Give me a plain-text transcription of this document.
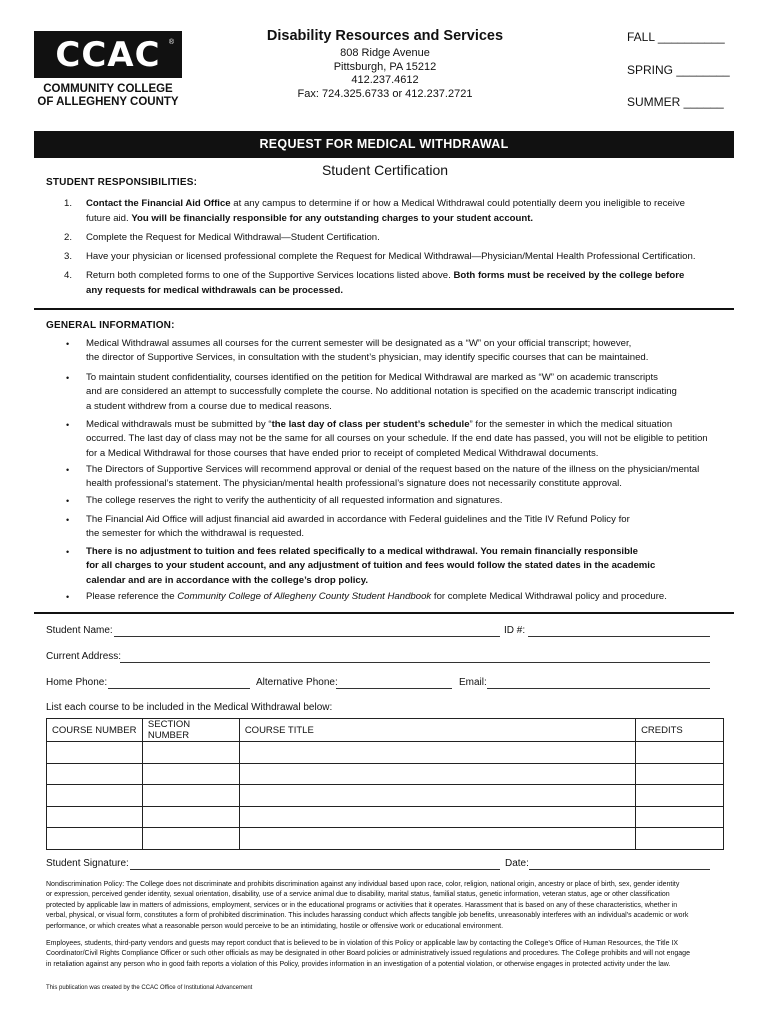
CCAC ®
COMMUNITY COLLEGE
OF ALLEGHENY COUNTY
Disability Resources and Services
808 Ridge Avenue
Pittsburgh, PA 15212
412.237.4612
Fax: 724.325.6733 or 412.237.2721
FALL __________
SPRING ________
SUMMER ______
REQUEST FOR MEDICAL WITHDRAWAL
Student Certification
STUDENT RESPONSIBILITIES:
1. Contact the Financial Aid Office at any campus to determine if or how a Medical Withdrawal could potentially deem you ineligible to receive
future aid. You will be financially responsible for any outstanding charges to your student account.
2. Complete the Request for Medical Withdrawal—Student Certification.
3. Have your physician or licensed professional complete the Request for Medical Withdrawal—Physician/Mental Health Professional Certification.
4. Return both completed forms to one of the Supportive Services locations listed above. Both forms must be received by the college before
any requests for medical withdrawals can be processed.
GENERAL INFORMATION:
• Medical Withdrawal assumes all courses for the current semester will be designated as a “W” on your official transcript; however,
the director of Supportive Services, in consultation with the student’s physician, may identify specific courses that can be maintained.
• To maintain student confidentiality, courses identified on the petition for Medical Withdrawal are marked as “W” on academic transcripts
and are considered an attempt to successfully complete the course. No additional notation is specified on the academic transcript indicating
a student withdrew from a course due to medical reasons.
• Medical withdrawals must be submitted by “the last day of class per student’s schedule” for the semester in which the medical situation
occurred. The last day of class may not be the same for all courses on your schedule. If the end date has passed, you will not be eligible to petition
for a Medical Withdrawal for those courses that have ended prior to receipt of completed Medical Withdrawal documents.
• The Directors of Supportive Services will recommend approval or denial of the request based on the nature of the illness on the physician/mental
health professional’s statement. The physician/mental health professional’s signature does not necessarily constitute approval.
• The college reserves the right to verify the authenticity of all requested information and signatures.
• The Financial Aid Office will adjust financial aid awarded in accordance with Federal guidelines and the Title IV Refund Policy for
the semester for which the withdrawal is requested.
• There is no adjustment to tuition and fees related specifically to a medical withdrawal. You remain financially responsible
for all charges to your student account, and any adjustment of tuition and fees would follow the stated dates in the academic
calendar and are in accordance with the college’s drop policy.
• Please reference the Community College of Allegheny County Student Handbook for complete Medical Withdrawal policy and procedure.
Student Name:	ID #:
Current Address:
Home Phone:	Alternative Phone:	Email:
List each course to be included in the Medical Withdrawal below:
COURSE NUMBER	SECTION NUMBER	COURSE TITLE	CREDITS

Student Signature:	Date:
Nondiscrimination Policy: The College does not discriminate and prohibits discrimination against any individual based upon race, color, religion, national origin, ancestry or place of birth, sex, gender identity
or expression, perceived gender identity, sexual orientation, disability, use of a service animal due to disability, marital status, familial status, genetic information, veteran status, age or other classification
protected by applicable law in matters of admissions, employment, services or in the educational programs or activities that it operates. Harassment that is based on any of these characteristics, whether in
verbal, physical, or visual form, constitutes a form of prohibited discrimination. This includes harassing conduct which affects tangible job benefits, unreasonably interferes with an individual’s academic or work
performance, or which creates what a reasonable person would perceive to be an intimidating, hostile or offensive work or educational environment.
Employees, students, third-party vendors and guests may report conduct that is believed to be in violation of this Policy or applicable law by contacting the College’s Office of Human Resources, the Title IX
Coordinator/Civil Rights Compliance Officer or such other officials as may be designated in other Board policies or administratively issued regulations and procedures. The College prohibits and will not engage
in retaliation against any person who in good faith reports a violation of this Policy, provides information in an investigation of a potential violation, or otherwise engages in protected activity under the law.
This publication was created by the CCAC Office of Institutional Advancement
